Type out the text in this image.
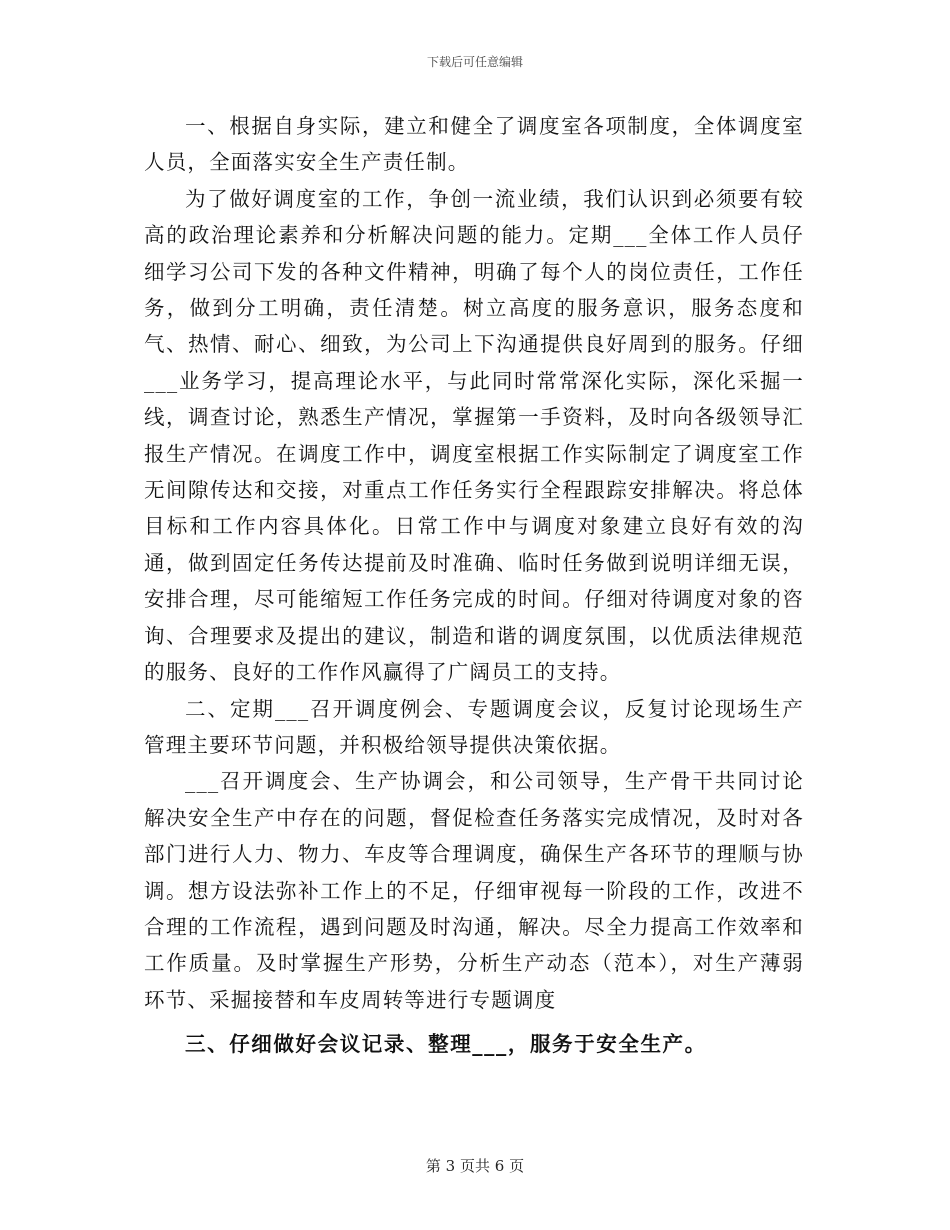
下载后可任意编辑

一、根据自身实际，建立和健全了调度室各项制度，全体调度室人员，全面落实安全生产责任制。

为了做好调度室的工作，争创一流业绩，我们认识到必须要有较高的政治理论素养和分析解决问题的能力。定期___全体工作人员仔细学习公司下发的各种文件精神，明确了每个人的岗位责任，工作任务，做到分工明确，责任清楚。树立高度的服务意识，服务态度和气、热情、耐心、细致，为公司上下沟通提供良好周到的服务。仔细___业务学习，提高理论水平，与此同时常常深化实际，深化采掘一线，调查讨论，熟悉生产情况，掌握第一手资料，及时向各级领导汇报生产情况。在调度工作中，调度室根据工作实际制定了调度室工作无间隙传达和交接，对重点工作任务实行全程跟踪安排解决。将总体目标和工作内容具体化。日常工作中与调度对象建立良好有效的沟通，做到固定任务传达提前及时准确、临时任务做到说明详细无误，安排合理，尽可能缩短工作任务完成的时间。仔细对待调度对象的咨询、合理要求及提出的建议，制造和谐的调度氛围，以优质法律规范的服务、良好的工作作风赢得了广阔员工的支持。

二、定期___召开调度例会、专题调度会议，反复讨论现场生产管理主要环节问题，并积极给领导提供决策依据。

___召开调度会、生产协调会，和公司领导，生产骨干共同讨论解决安全生产中存在的问题，督促检查任务落实完成情况，及时对各部门进行人力、物力、车皮等合理调度，确保生产各环节的理顺与协调。想方设法弥补工作上的不足，仔细审视每一阶段的工作，改进不合理的工作流程，遇到问题及时沟通，解决。尽全力提高工作效率和工作质量。及时掌握生产形势，分析生产动态（范本），对生产薄弱环节、采掘接替和车皮周转等进行专题调度

三、仔细做好会议记录、整理___，服务于安全生产。

第 3 页共 6 页
